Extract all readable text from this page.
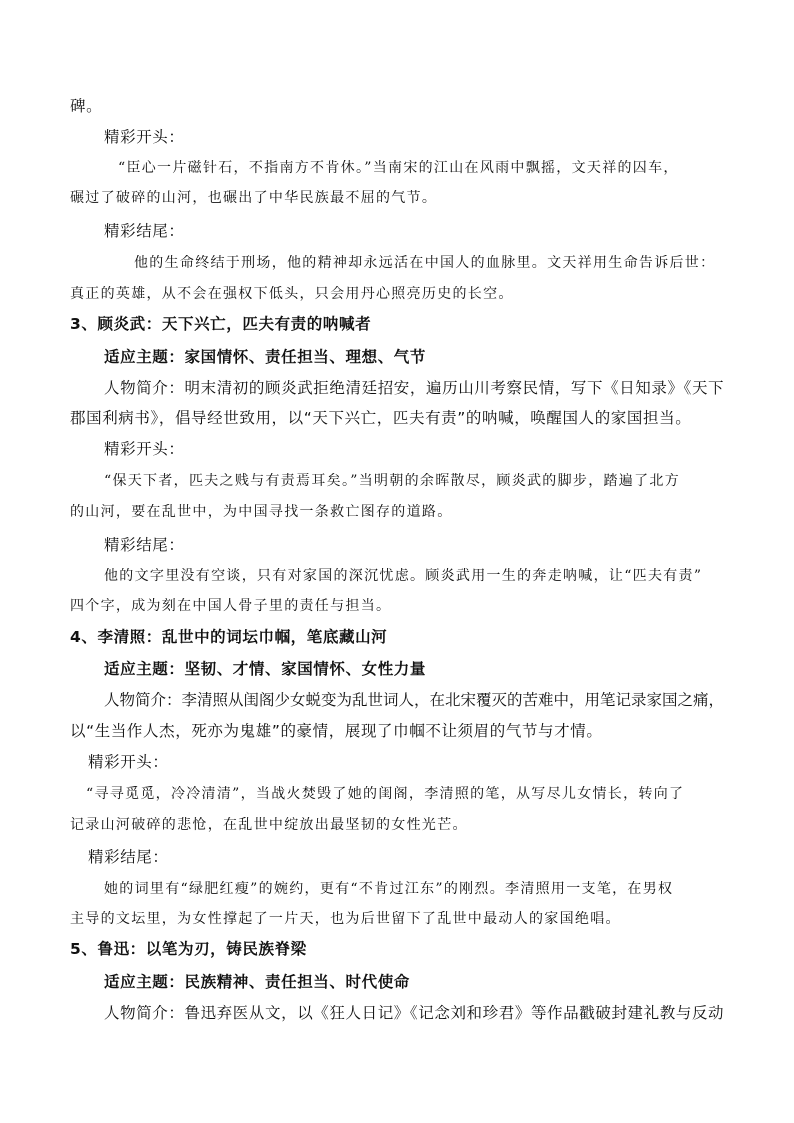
碑。
精彩开头：
“臣心一片磁针石，不指南方不肯休。”当南宋的江山在风雨中飘摇，文天祥的囚车，
碾过了破碎的山河，也碾出了中华民族最不屈的气节。
精彩结尾：
他的生命终结于刑场，他的精神却永远活在中国人的血脉里。文天祥用生命告诉后世：
真正的英雄，从不会在强权下低头，只会用丹心照亮历史的长空。
3、顾炎武：天下兴亡，匹夫有责的呐喊者
适应主题：家国情怀、责任担当、理想、气节
人物简介：明末清初的顾炎武拒绝清廷招安，遍历山川考察民情，写下《日知录》《天下
郡国利病书》，倡导经世致用，以“天下兴亡，匹夫有责”的呐喊，唤醒国人的家国担当。
精彩开头：
“保天下者，匹夫之贱与有责焉耳矣。”当明朝的余晖散尽，顾炎武的脚步，踏遍了北方
的山河，要在乱世中，为中国寻找一条救亡图存的道路。
精彩结尾：
他的文字里没有空谈，只有对家国的深沉忧虑。顾炎武用一生的奔走呐喊，让“匹夫有责”
四个字，成为刻在中国人骨子里的责任与担当。
4、李清照：乱世中的词坛巾帼，笔底藏山河
适应主题：坚韧、才情、家国情怀、女性力量
人物简介：李清照从闺阁少女蜕变为乱世词人，在北宋覆灭的苦难中，用笔记录家国之痛，
以“生当作人杰，死亦为鬼雄”的豪情，展现了巾帼不让须眉的气节与才情。
精彩开头：
“寻寻觅觅，冷冷清清”，当战火焚毁了她的闺阁，李清照的笔，从写尽儿女情长，转向了
记录山河破碎的悲怆，在乱世中绽放出最坚韧的女性光芒。
精彩结尾：
她的词里有“绿肥红瘦”的婉约，更有“不肯过江东”的刚烈。李清照用一支笔，在男权
主导的文坛里，为女性撑起了一片天，也为后世留下了乱世中最动人的家国绝唱。
5、鲁迅：以笔为刃，铸民族脊梁
适应主题：民族精神、责任担当、时代使命
人物简介：鲁迅弃医从文，以《狂人日记》《记念刘和珍君》等作品戳破封建礼教与反动
